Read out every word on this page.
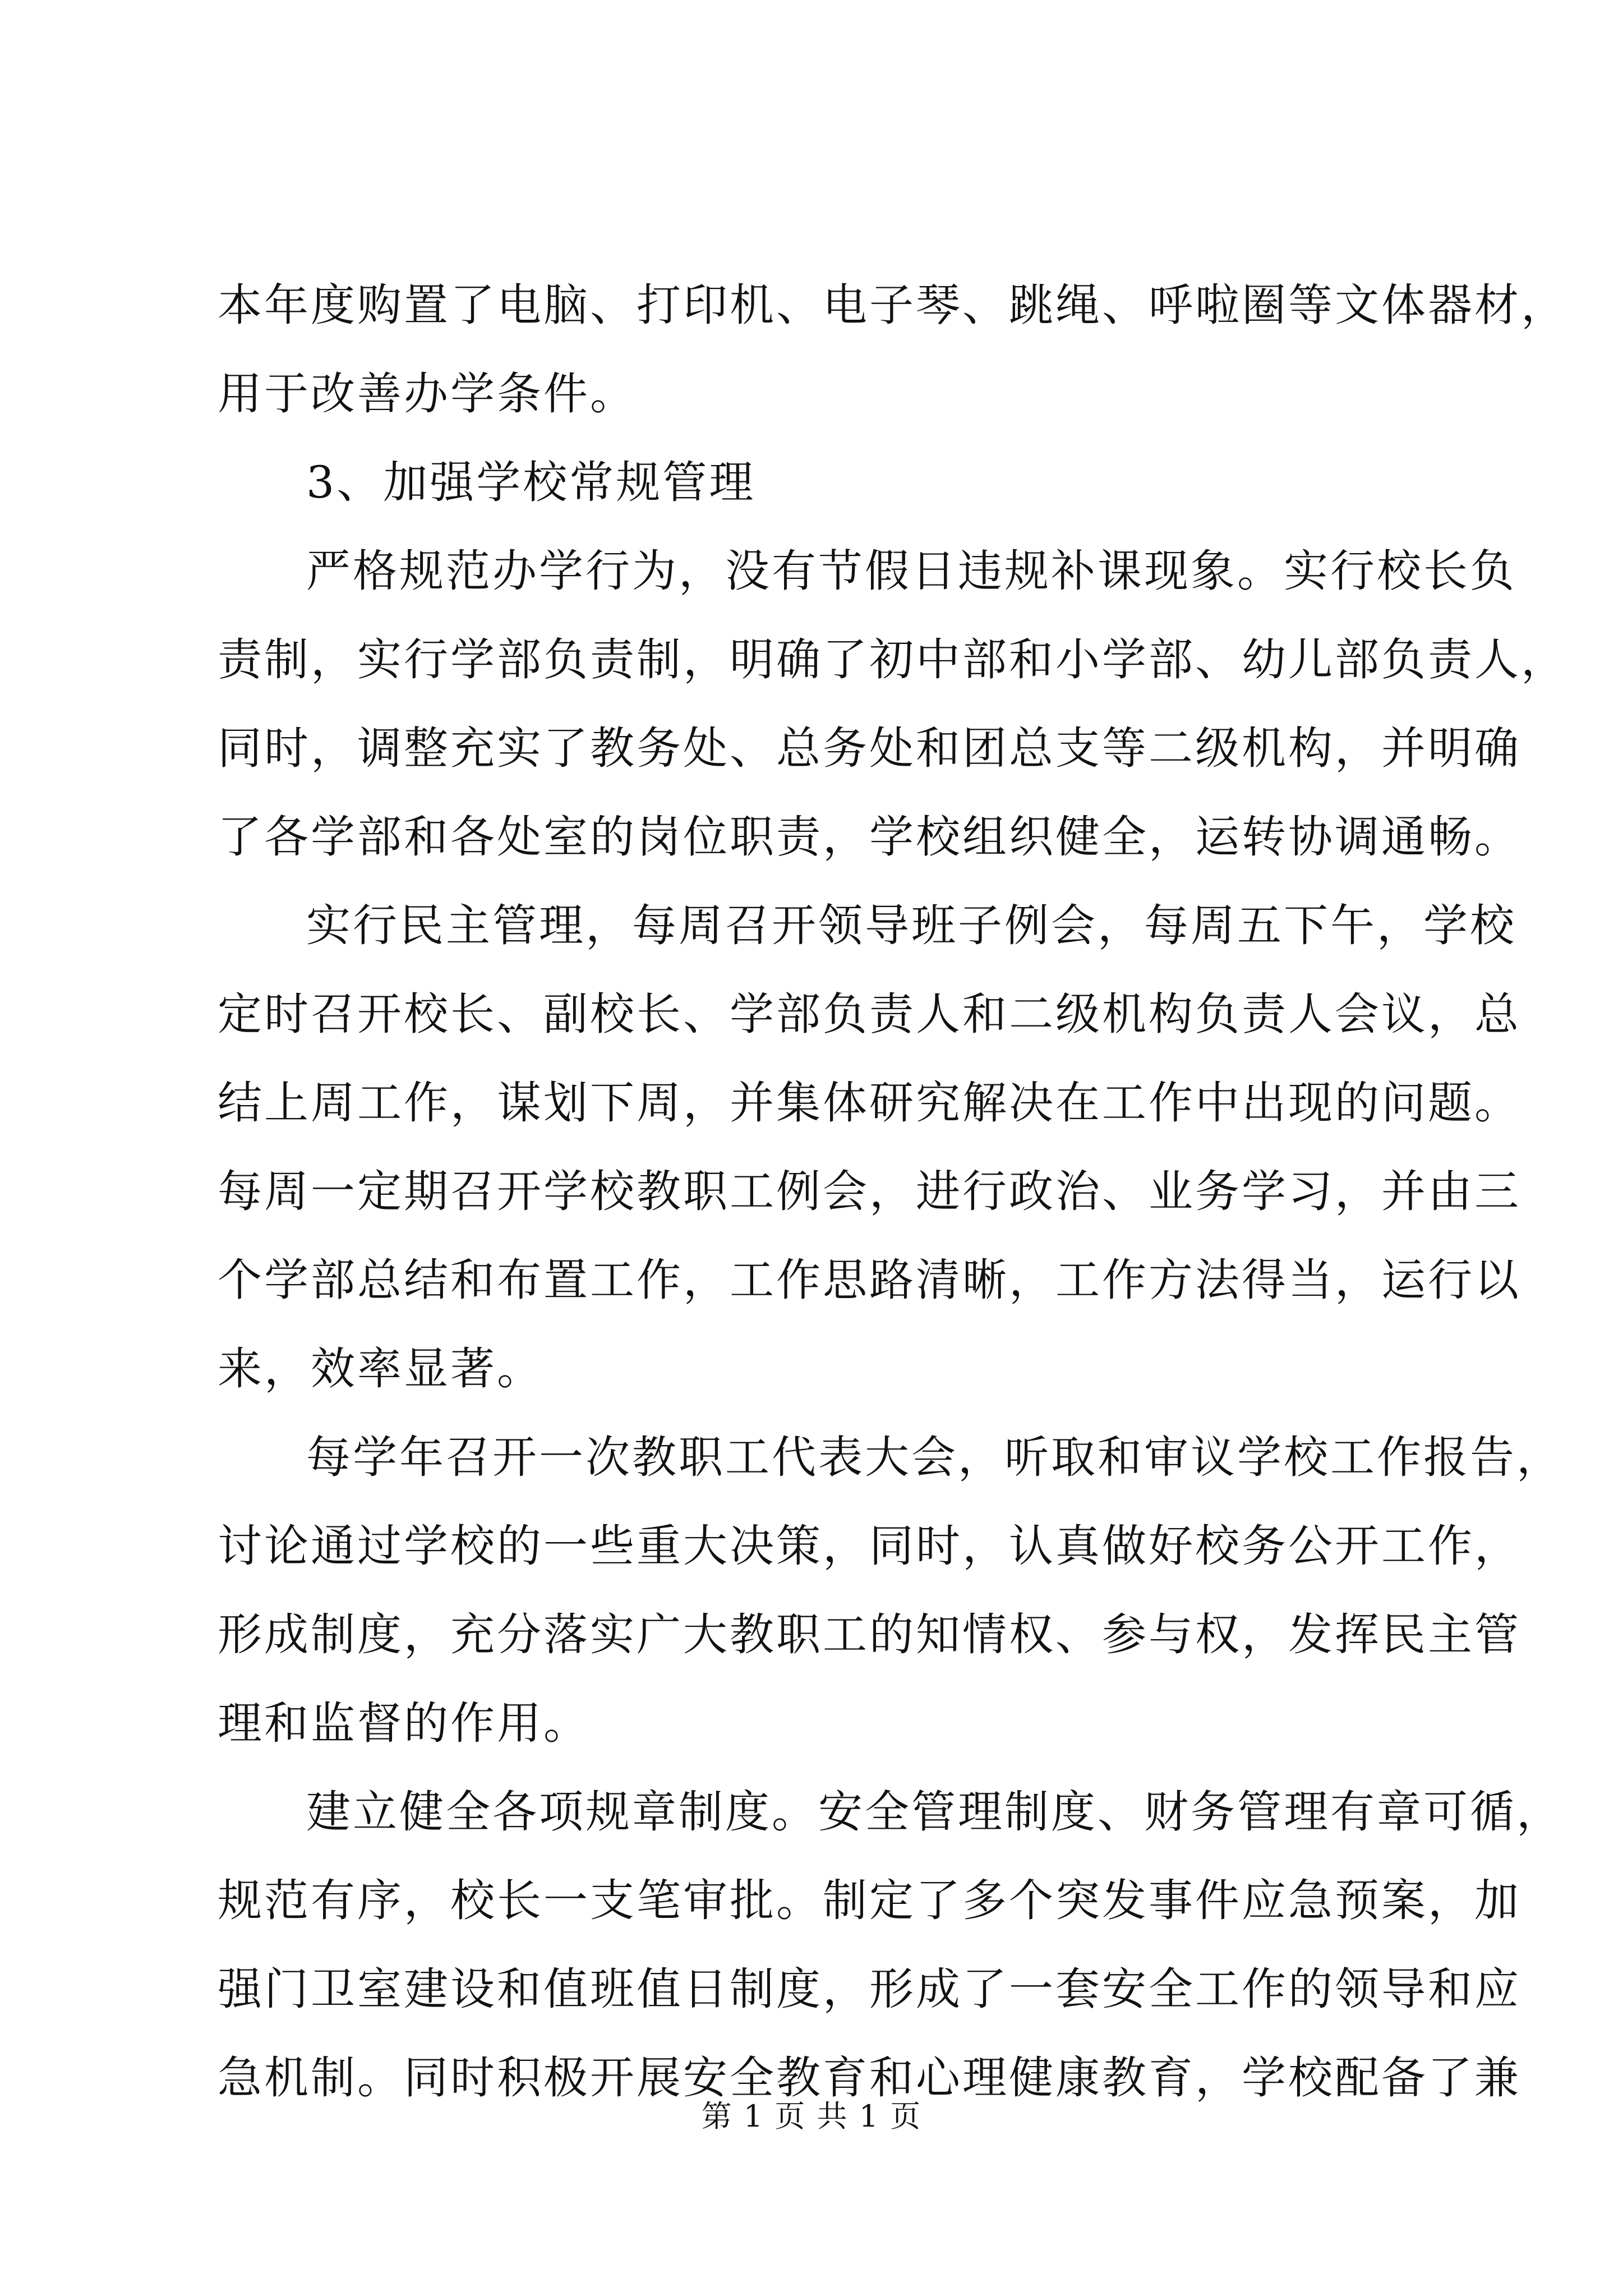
本年度购置了电脑、打印机、电子琴、跳绳、呼啦圈等文体器材，
用于改善办学条件。
3、加强学校常规管理
严格规范办学行为，没有节假日违规补课现象。实行校长负
责制，实行学部负责制，明确了初中部和小学部、幼儿部负责人，
同时，调整充实了教务处、总务处和团总支等二级机构，并明确
了各学部和各处室的岗位职责，学校组织健全，运转协调通畅。
实行民主管理，每周召开领导班子例会，每周五下午，学校
定时召开校长、副校长、学部负责人和二级机构负责人会议，总
结上周工作，谋划下周，并集体研究解决在工作中出现的问题。
每周一定期召开学校教职工例会，进行政治、业务学习，并由三
个学部总结和布置工作，工作思路清晰，工作方法得当，运行以
来，效率显著。
每学年召开一次教职工代表大会，听取和审议学校工作报告，
讨论通过学校的一些重大决策，同时，认真做好校务公开工作，
形成制度，充分落实广大教职工的知情权、参与权，发挥民主管
理和监督的作用。
建立健全各项规章制度。安全管理制度、财务管理有章可循，
规范有序，校长一支笔审批。制定了多个突发事件应急预案，加
强门卫室建设和值班值日制度，形成了一套安全工作的领导和应
急机制。同时积极开展安全教育和心理健康教育，学校配备了兼
第 1 页 共 1 页
